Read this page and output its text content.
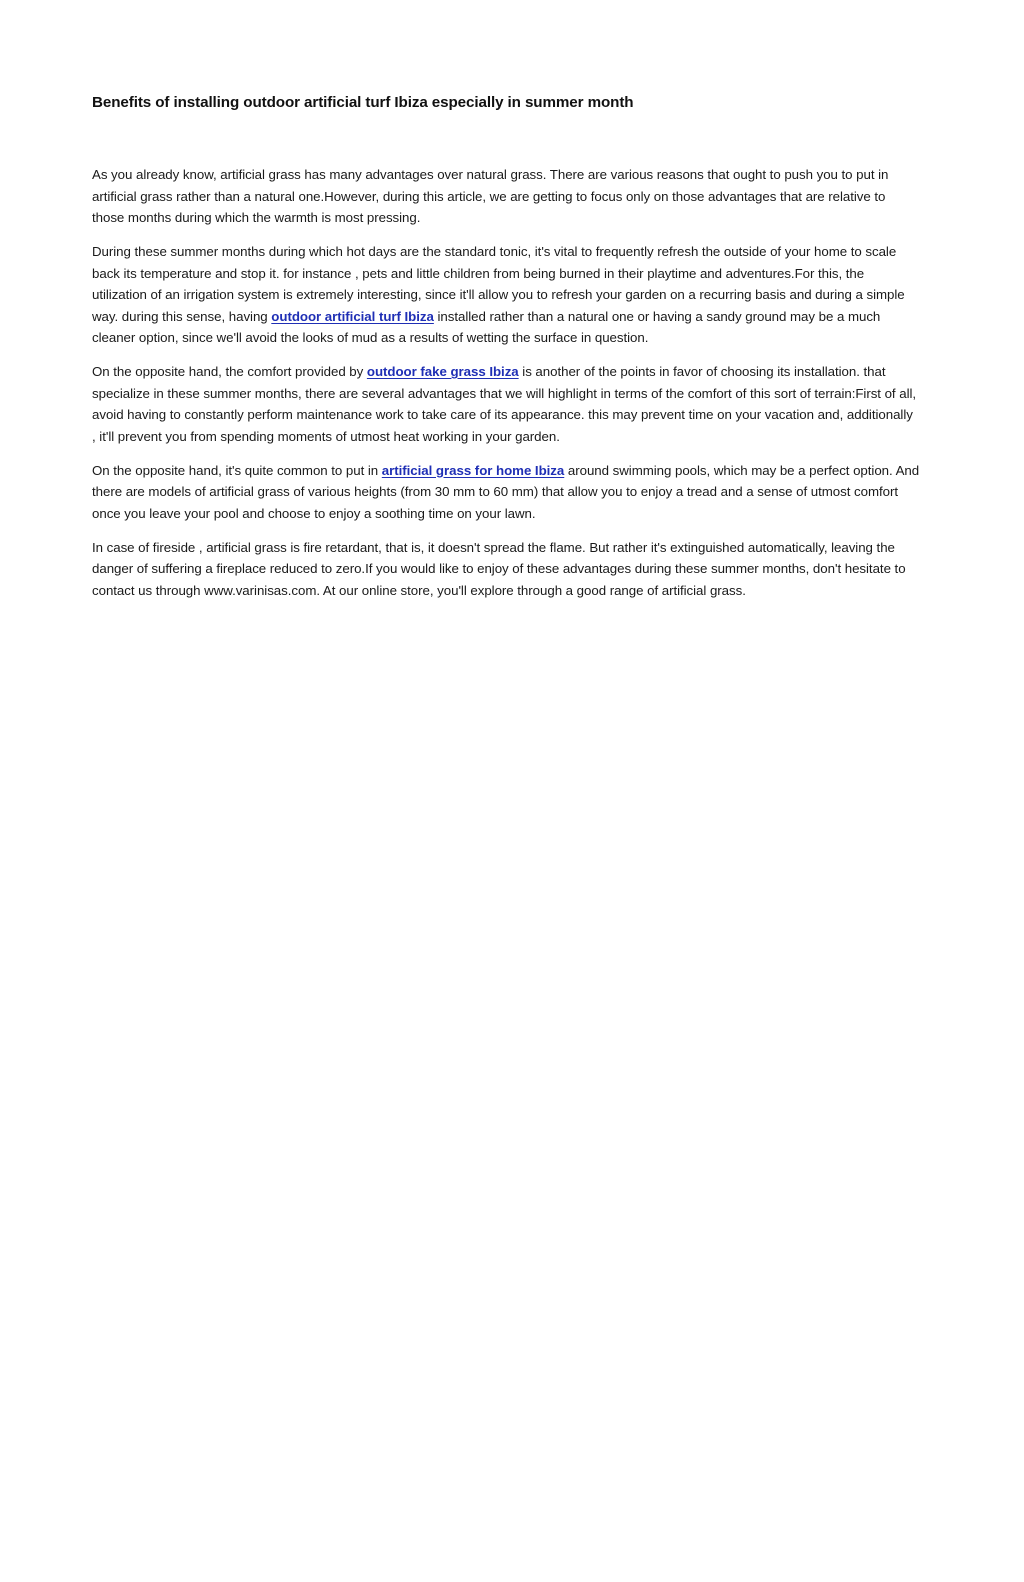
Benefits of installing outdoor artificial turf Ibiza especially in summer month

As you already know, artificial grass has many advantages over natural grass. There are various reasons that ought to push you to put in artificial grass rather than a natural one.However, during this article, we are getting to focus only on those advantages that are relative to those months during which the warmth is most pressing.

During these summer months during which hot days are the standard tonic, it's vital to frequently refresh the outside of your home to scale back its temperature and stop it. for instance , pets and little children from being burned in their playtime and adventures.For this, the utilization of an irrigation system is extremely interesting, since it'll allow you to refresh your garden on a recurring basis and during a simple way. during this sense, having outdoor artificial turf Ibiza installed rather than a natural one or having a sandy ground may be a much cleaner option, since we'll avoid the looks of mud as a results of wetting the surface in question.

On the opposite hand, the comfort provided by outdoor fake grass Ibiza is another of the points in favor of choosing its installation. that specialize in these summer months, there are several advantages that we will highlight in terms of the comfort of this sort of terrain:First of all, avoid having to constantly perform maintenance work to take care of its appearance. this may prevent time on your vacation and, additionally , it'll prevent you from spending moments of utmost heat working in your garden.

On the opposite hand, it's quite common to put in artificial grass for home Ibiza around swimming pools, which may be a perfect option. And there are models of artificial grass of various heights (from 30 mm to 60 mm) that allow you to enjoy a tread and a sense of utmost comfort once you leave your pool and choose to enjoy a soothing time on your lawn.

In case of fireside , artificial grass is fire retardant, that is, it doesn't spread the flame. But rather it's extinguished automatically, leaving the danger of suffering a fireplace reduced to zero.If you would like to enjoy of these advantages during these summer months, don't hesitate to contact us through www.varinisas.com. At our online store, you'll explore through a good range of artificial grass.
